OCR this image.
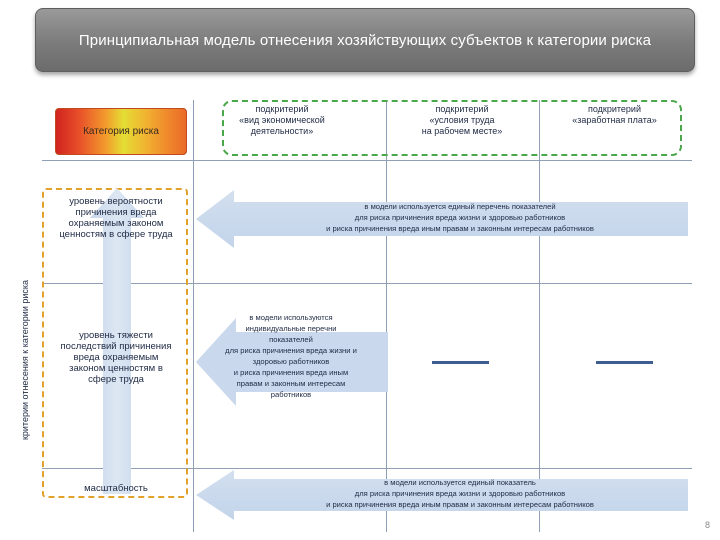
Принципиальная модель отнесения хозяйствующих субъектов к категории риска
Категория риска
подкритерий
«вид экономической
деятельности»
подкритерий
«условия труда
на рабочем месте»
подкритерий
«заработная плата»
критерии отнесения к категории риска
уровень вероятности
причинения вреда
охраняемым законом
ценностям в сфере труда
уровень тяжести
последствий причинения
вреда охраняемым
законом ценностям в
сфере труда
масштабность
в модели используется единый перечень показателей
для риска причинения вреда жизни и здоровью работников
и риска причинения вреда иным правам и законным интересам работников
в модели используются
индивидуальные перечни
показателей
для риска причинения вреда жизни и
здоровью работников
и риска причинения вреда иным
правам и законным интересам
работников
в модели используется единый показатель
для риска причинения вреда жизни и здоровью работников
и риска причинения вреда иным правам и законным интересам работников
8
